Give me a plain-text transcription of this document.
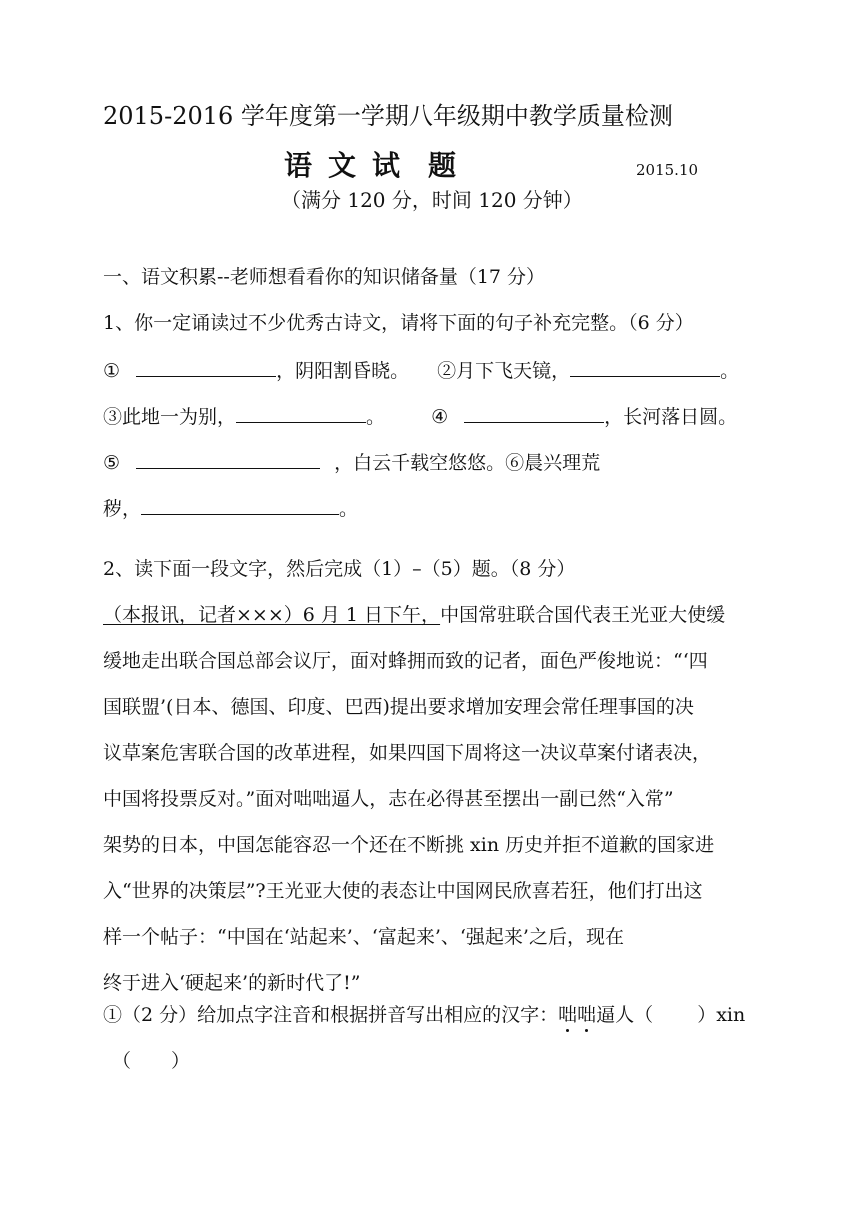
2015-2016 学年度第一学期八年级期中教学质量检测
语 文 试 题	2015.10
（满分 120 分，时间 120 分钟）
一、语文积累--老师想看看你的知识储备量（17 分）
1、你一定诵读过不少优秀古诗文，请将下面的句子补充完整。（6 分）
①	，阴阳割昏晓。 ②月下飞天镜，	。
③此地一为别，	。 ④	，长河落日圆。
⑤	，白云千载空悠悠。⑥晨兴理荒
秽，	。
2、读下面一段文字，然后完成（1）–（5）题。（8 分）
（本报讯，记者×××）6 月 1 日下午，中国常驻联合国代表王光亚大使缓
缓地走出联合国总部会议厅，面对蜂拥而致的记者，面色严俊地说：“‘四
国联盟’(日本、德国、印度、巴西)提出要求增加安理会常任理事国的决
议草案危害联合国的改革进程，如果四国下周将这一决议草案付诸表决，
中国将投票反对。”面对咄咄逼人，志在必得甚至摆出一副已然“入常”
架势的日本，中国怎能容忍一个还在不断挑 xin 历史并拒不道歉的国家进
入“世界的决策层”?王光亚大使的表态让中国网民欣喜若狂，他们打出这
样一个帖子：“中国在‘站起来’、‘富起来’、‘强起来’之后，现在
终于进入‘硬起来’的新时代了!”
①（2 分）给加点字注音和根据拼音写出相应的汉字：咄咄逼人（ ）xin
（ ）
